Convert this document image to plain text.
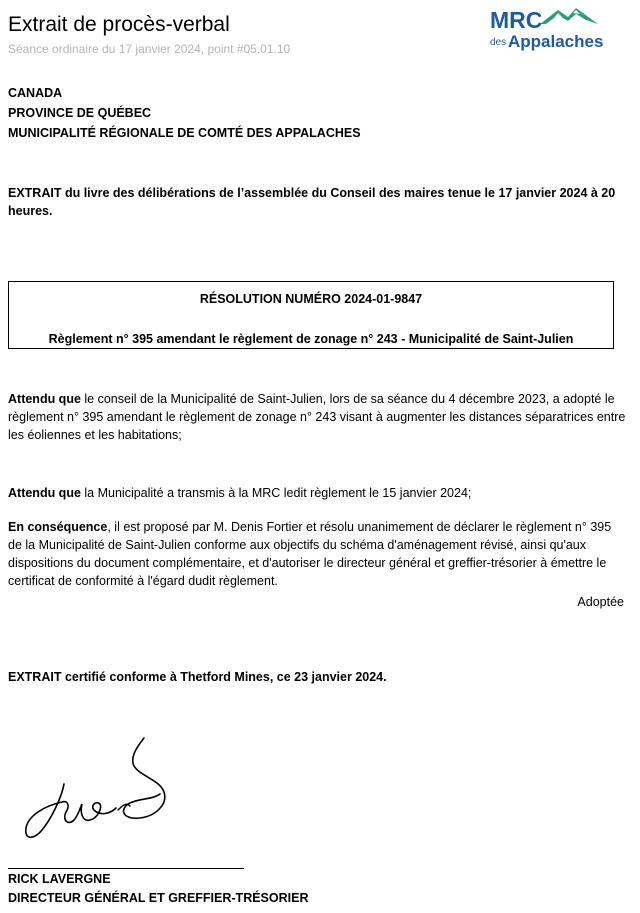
Extrait de procès-verbal
Séance ordinaire du 17 janvier 2024, point #05.01.10
MRC
des Appalaches
CANADA
PROVINCE DE QUÉBEC
MUNICIPALITÉ RÉGIONALE DE COMTÉ DES APPALACHES
EXTRAIT du livre des délibérations de l’assemblée du Conseil des maires tenue le 17 janvier 2024 à 20 heures.
RÉSOLUTION NUMÉRO 2024-01-9847
Règlement n° 395 amendant le règlement de zonage n° 243 - Municipalité de Saint-Julien
Attendu que le conseil de la Municipalité de Saint-Julien, lors de sa séance du 4 décembre 2023, a adopté le règlement n° 395 amendant le règlement de zonage n° 243 visant à augmenter les distances séparatrices entre les éoliennes et les habitations;
Attendu que la Municipalité a transmis à la MRC ledit règlement le 15 janvier 2024;
En conséquence, il est proposé par M. Denis Fortier et résolu unanimement de déclarer le règlement n° 395 de la Municipalité de Saint-Julien conforme aux objectifs du schéma d'aménagement révisé, ainsi qu'aux dispositions du document complémentaire, et d'autoriser le directeur général et greffier-trésorier à émettre le certificat de conformité à l'égard dudit règlement.
Adoptée
EXTRAIT certifié conforme à Thetford Mines, ce 23 janvier 2024.
RICK LAVERGNE
DIRECTEUR GÉNÉRAL ET GREFFIER-TRÉSORIER
